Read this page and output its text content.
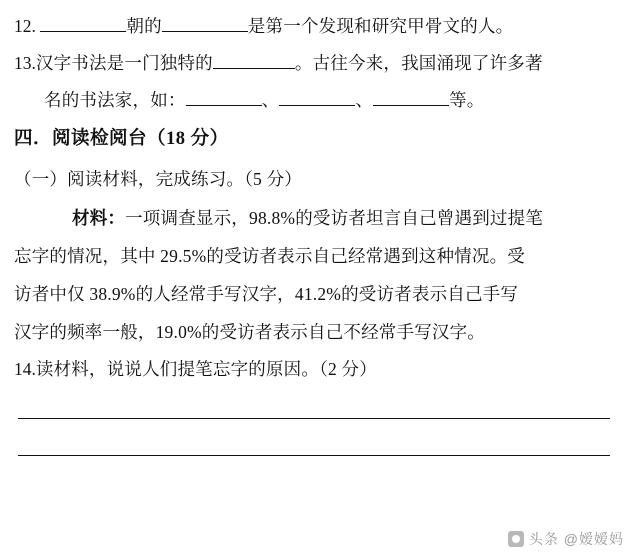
12.	朝的	是第一个发现和研究甲骨文的人。
13.汉字书法是一门独特的	。古往今来，我国涌现了许多著
名的书法家，如：	、	、	等。
四．阅读检阅台（18 分）
（一）阅读材料，完成练习。（5 分）
材料：一项调查显示，98.8%的受访者坦言自己曾遇到过提笔
忘字的情况，其中 29.5%的受访者表示自己经常遇到这种情况。受
访者中仅 38.9%的人经常手写汉字，41.2%的受访者表示自己手写
汉字的频率一般，19.0%的受访者表示自己不经常手写汉字。
14.读材料，说说人们提笔忘字的原因。（2 分）
头条 @嫒嫒妈
